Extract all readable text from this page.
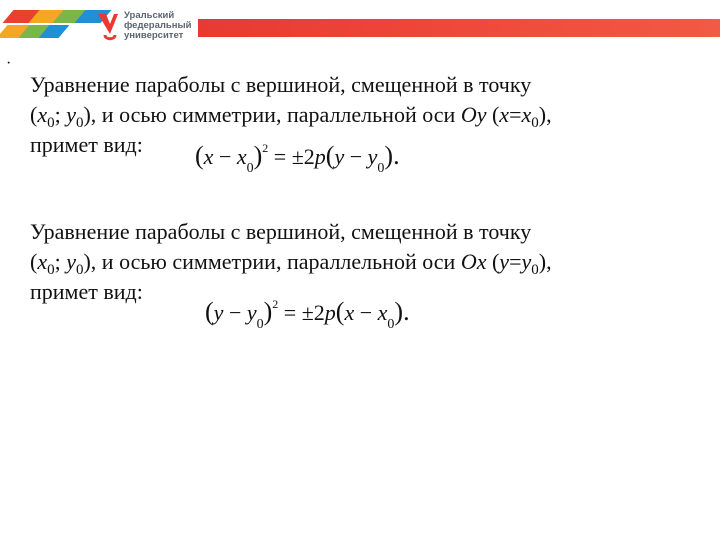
Уральский
федеральный
университет
·
Уравнение параболы с вершиной, смещенной в точку
($x_0$; $y_0$), и осью симметрии, параллельной оси Oy $(x=x_0)$,
примет вид:	$(x - x_0)^2 = \pm 2p(y - y_0)$.
Уравнение параболы с вершиной, смещенной в точку
($x_0$; $y_0$), и осью симметрии, параллельной оси Ox $(y=y_0)$,
примет вид:
$(y - y_0)^2 = \pm 2p(x - x_0)$.
